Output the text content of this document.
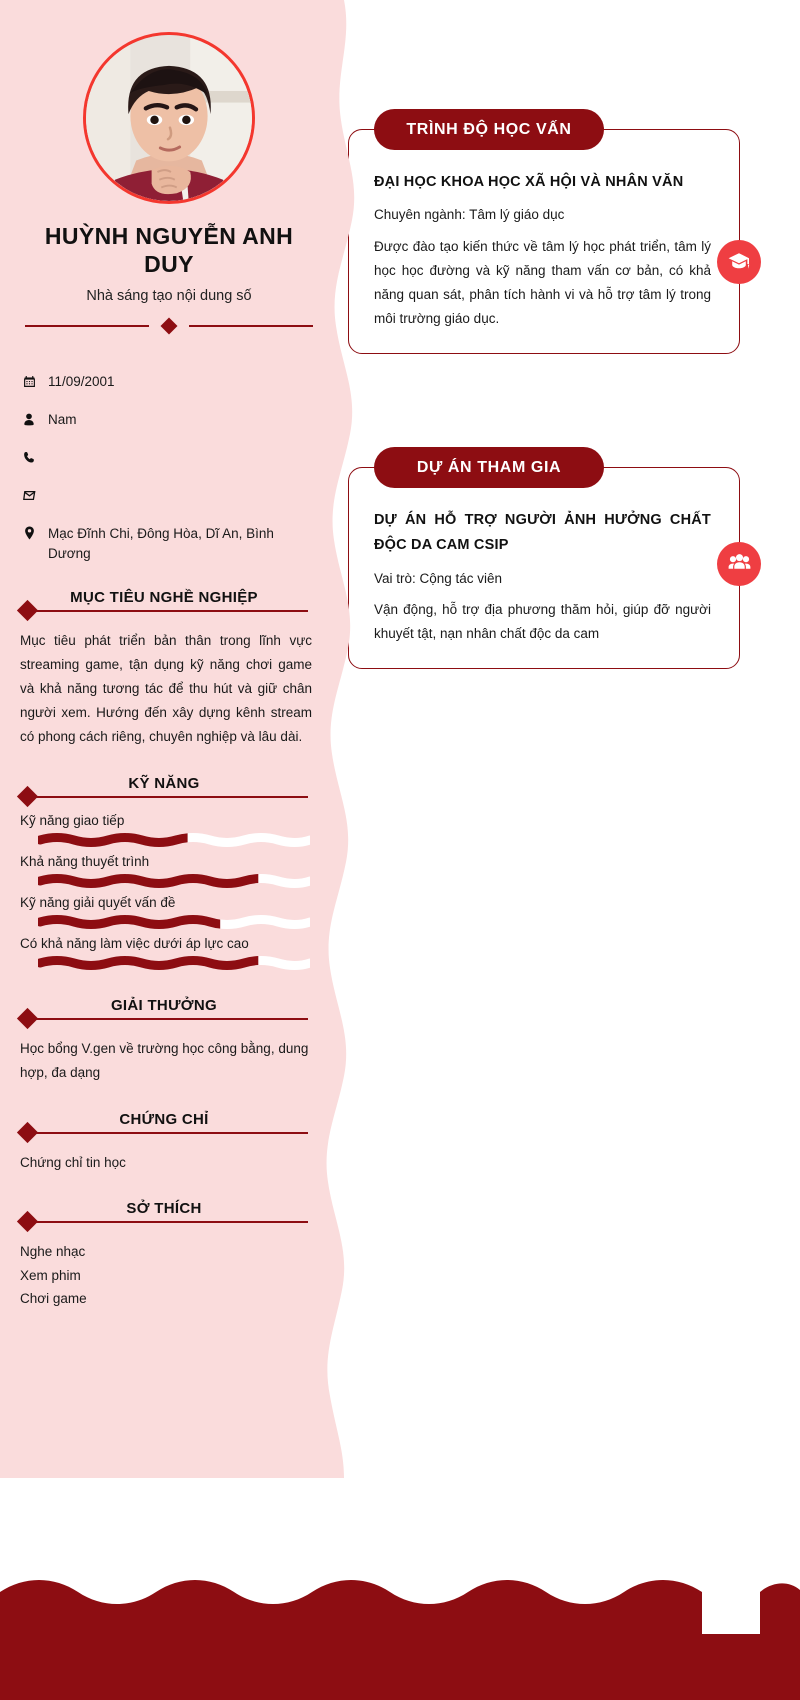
TRÌNH ĐỘ HỌC VẤN
ĐẠI HỌC KHOA HỌC XÃ HỘI VÀ NHÂN VĂN
Chuyên ngành: Tâm lý giáo dục
Được đào tạo kiến thức về tâm lý học phát triển, tâm lý học học đường và kỹ năng tham vấn cơ bản, có khả năng quan sát, phân tích hành vi và hỗ trợ tâm lý trong môi trường giáo dục.
DỰ ÁN THAM GIA
DỰ ÁN HỖ TRỢ NGƯỜI ẢNH HƯỞNG CHẤT ĐỘC DA CAM CSIP
Vai trò: Cộng tác viên
Vận động, hỗ trợ địa phương thăm hỏi, giúp đỡ người khuyết tật, nạn nhân chất độc da cam
HUỲNH NGUYỄN ANH DUY
Nhà sáng tạo nội dung số
11/09/2001
Nam
Mạc Đĩnh Chi, Đông Hòa, Dĩ An, Bình Dương
MỤC TIÊU NGHỀ NGHIỆP
Mục tiêu phát triển bản thân trong lĩnh vực streaming game, tận dụng kỹ năng chơi game và khả năng tương tác để thu hút và giữ chân người xem. Hướng đến xây dựng kênh stream có phong cách riêng, chuyên nghiệp và lâu dài.
KỸ NĂNG
Kỹ năng giao tiếp
Khả năng thuyết trình
Kỹ năng giải quyết vấn đề
Có khả năng làm việc dưới áp lực cao
GIẢI THƯỞNG
Học bổng V.gen về trường học công bằng, dung hợp, đa dạng
CHỨNG CHỈ
Chứng chỉ tin học
SỞ THÍCH
Nghe nhạc
Xem phim
Chơi game
